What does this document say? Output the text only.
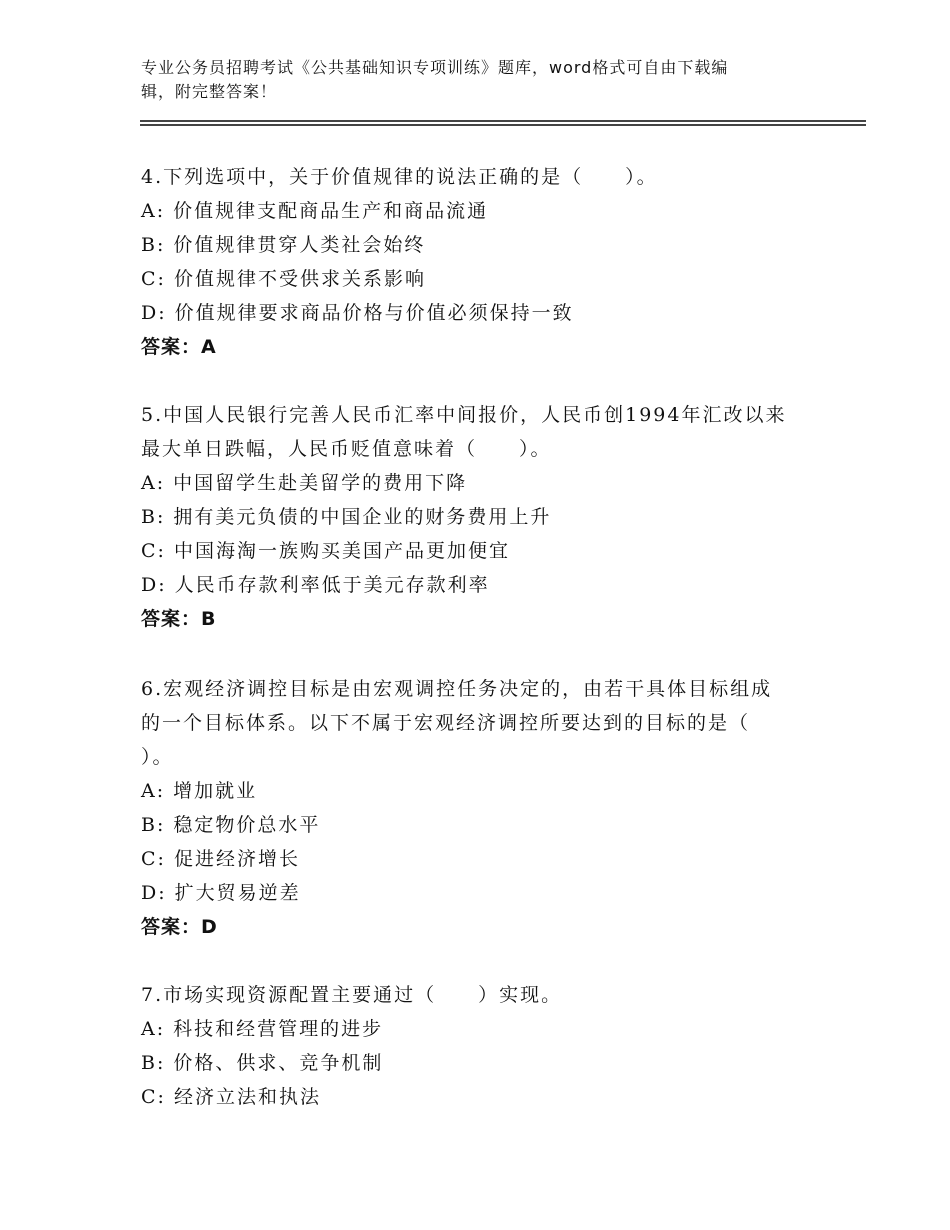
专业公务员招聘考试《公共基础知识专项训练》题库，word格式可自由下载编
辑，附完整答案！
4.下列选项中，关于价值规律的说法正确的是（　　）。
A: 价值规律支配商品生产和商品流通
B: 价值规律贯穿人类社会始终
C: 价值规律不受供求关系影响
D: 价值规律要求商品价格与价值必须保持一致
答案：A
5.中国人民银行完善人民币汇率中间报价，人民币创1994年汇改以来
最大单日跌幅，人民币贬值意味着（　　）。
A: 中国留学生赴美留学的费用下降
B: 拥有美元负债的中国企业的财务费用上升
C: 中国海淘一族购买美国产品更加便宜
D: 人民币存款利率低于美元存款利率
答案：B
6.宏观经济调控目标是由宏观调控任务决定的，由若干具体目标组成
的一个目标体系。以下不属于宏观经济调控所要达到的目标的是（
）。
A: 增加就业
B: 稳定物价总水平
C: 促进经济增长
D: 扩大贸易逆差
答案：D
7.市场实现资源配置主要通过（　　）实现。
A: 科技和经营管理的进步
B: 价格、供求、竞争机制
C: 经济立法和执法
